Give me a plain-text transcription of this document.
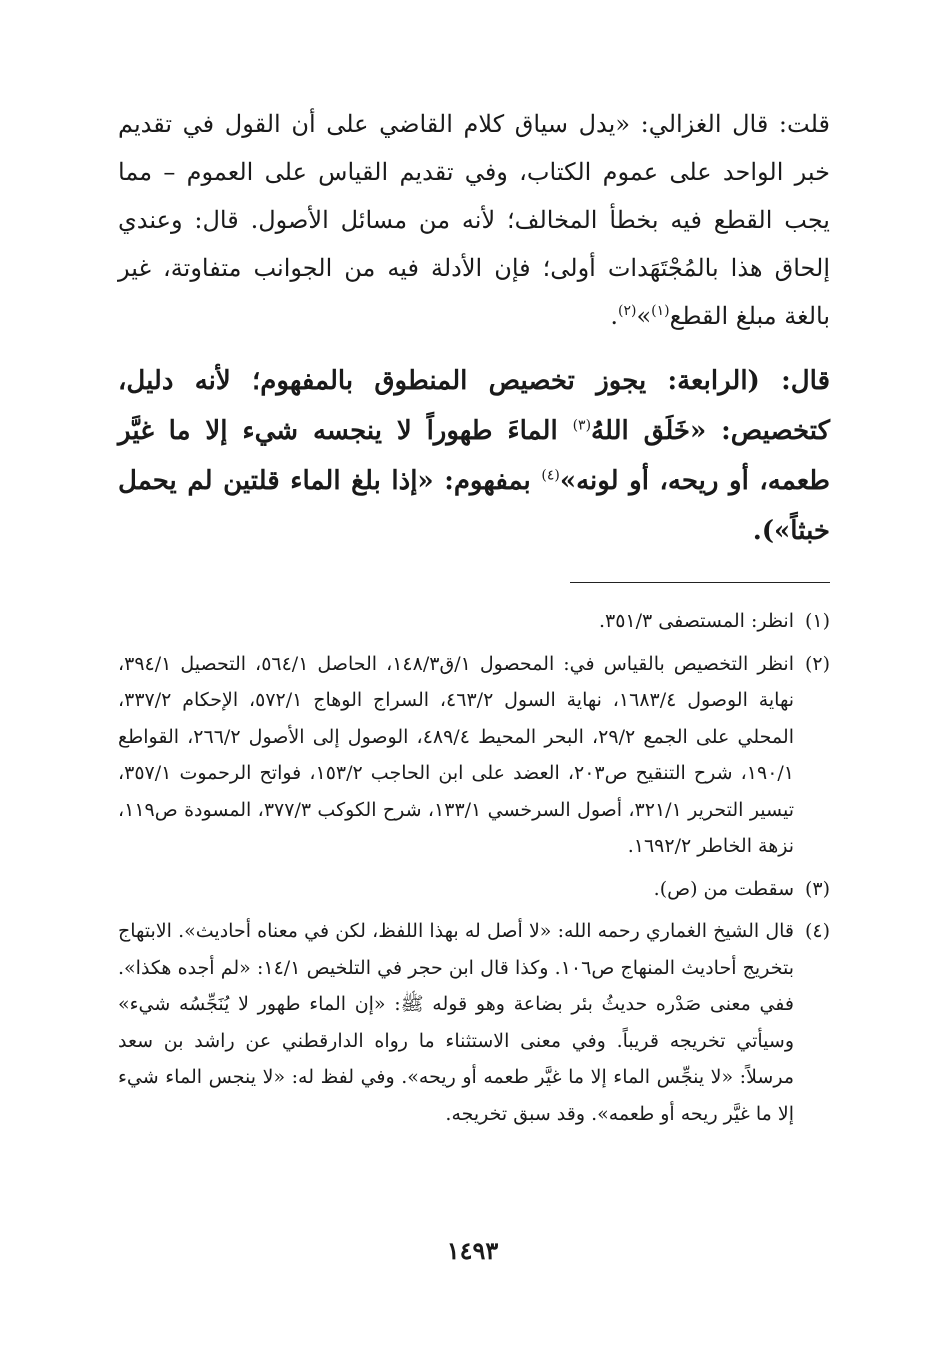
قلت: قال الغزالي: «يدل سياق كلام القاضي على أن القول في تقديم خبر الواحد على عموم الكتاب، وفي تقديم القياس على العموم – مما يجب القطع فيه بخطأ المخالف؛ لأنه من مسائل الأصول. قال: وعندي إلحاق هذا بالمُجْتَهَدات أولى؛ فإن الأدلة فيه من الجوانب متفاوتة، غير بالغة مبلغ القطع$^{(١)}$»$^{(٢)}$.

قال: (الرابعة: يجوز تخصيص المنطوق بالمفهوم؛ لأنه دليل، كتخصيص: «خَلَق اللهُ$^{(٣)}$ الماءَ طهوراً لا ينجسه شيء إلا ما غيَّر طعمه، أو ريحه، أو لونه»$^{(٤)}$ بمفهوم: «إذا بلغ الماء قلتين لم يحمل خبثاً»).

(١)
انظر: المستصفى ٣٥١/٣.
(٢)
انظر التخصيص بالقياس في: المحصول ١/ق١٤٨/٣، الحاصل ٥٦٤/١، التحصيل ٣٩٤/١، نهاية الوصول ١٦٨٣/٤، نهاية السول ٤٦٣/٢، السراج الوهاج ٥٧٢/١، الإحكام ٣٣٧/٢، المحلي على الجمع ٢٩/٢، البحر المحيط ٤٨٩/٤، الوصول إلى الأصول ٢٦٦/٢، القواطع ١٩٠/١، شرح التنقيح ص٢٠٣، العضد على ابن الحاجب ١٥٣/٢، فواتح الرحموت ٣٥٧/١، تيسير التحرير ٣٢١/١، أصول السرخسي ١٣٣/١، شرح الكوكب ٣٧٧/٣، المسودة ص١١٩، نزهة الخاطر ١٦٩٢/٢.
(٣)
سقطت من (ص).
(٤)
قال الشيخ الغماري رحمه الله: «لا أصل له بهذا اللفظ، لكن في معناه أحاديث». الابتهاج بتخريج أحاديث المنهاج ص١٠٦. وكذا قال ابن حجر في التلخيص ١٤/١: «لم أجده هكذا». ففي معنى صَدْره حديثُ بئر بضاعة وهو قوله ﷺ: «إن الماء طهور لا يُنَجِّسُه شيء» وسيأتي تخريجه قريباً. وفي معنى الاستثناء ما رواه الدارقطني عن راشد بن سعد مرسلاً: «لا ينجِّس الماء إلا ما غيَّر طعمه أو ريحه». وفي لفظ له: «لا ينجس الماء شيء إلا ما غيَّر ريحه أو طعمه». وقد سبق تخريجه.
١٤٩٣
